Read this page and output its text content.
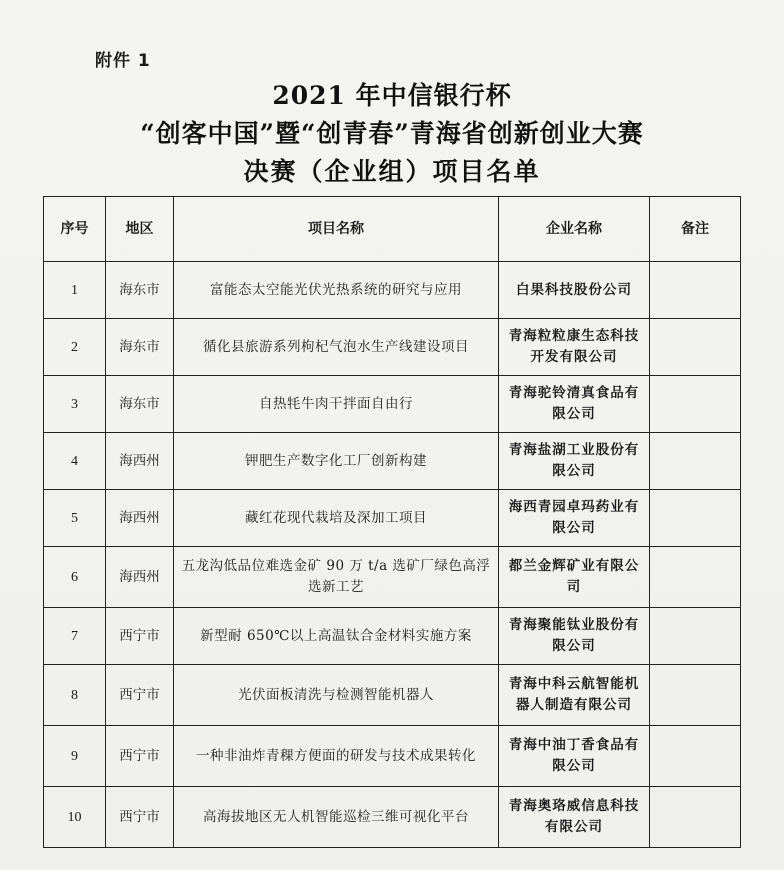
附件 1
2021 年中信银行杯
“创客中国”暨“创青春”青海省创新创业大赛
决赛（企业组）项目名单
序号	地区	项目名称	企业名称	备注
1	海东市	富能态太空能光伏光热系统的研究与应用	白果科技股份公司	
2	海东市	循化县旅游系列枸杞气泡水生产线建设项目	青海粒粒康生态科技开发有限公司	
3	海东市	自热牦牛肉干拌面自由行	青海驼铃清真食品有限公司	
4	海西州	钾肥生产数字化工厂创新构建	青海盐湖工业股份有限公司	
5	海西州	藏红花现代栽培及深加工项目	海西青园卓玛药业有限公司	
6	海西州	五龙沟低品位难选金矿 90 万 t/a 选矿厂绿色高浮选新工艺	都兰金辉矿业有限公司	
7	西宁市	新型耐 650℃以上高温钛合金材料实施方案	青海聚能钛业股份有限公司	
8	西宁市	光伏面板清洗与检测智能机器人	青海中科云航智能机器人制造有限公司	
9	西宁市	一种非油炸青稞方便面的研发与技术成果转化	青海中油丁香食品有限公司	
10	西宁市	高海拔地区无人机智能巡检三维可视化平台	青海奥珞威信息科技有限公司	
